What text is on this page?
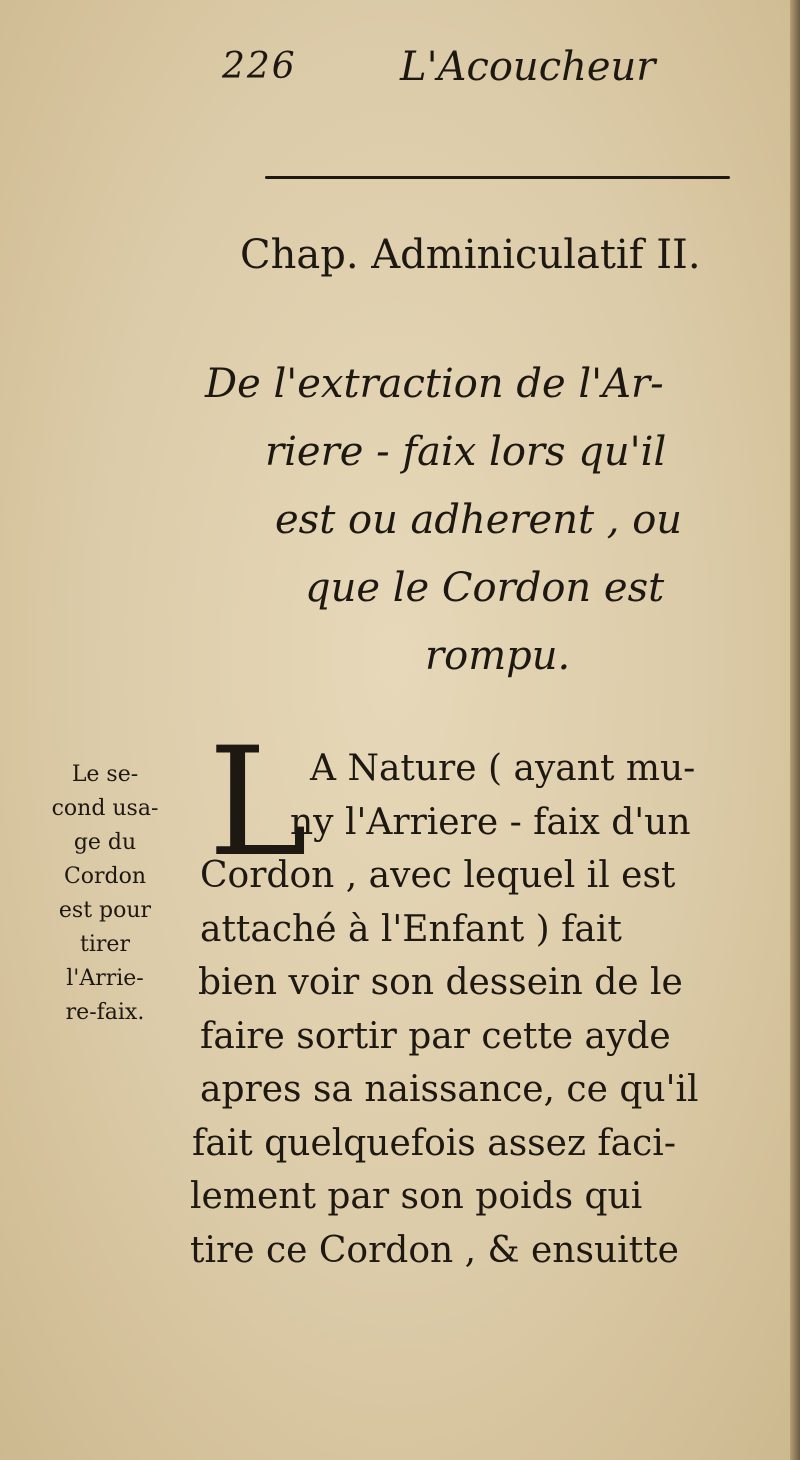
226	L'Acoucheur
Chap. Adminiculatif II.
De l'extraction de l'Ar-
riere - faix lors qu'il
est ou adherent , ou
que le Cordon est
rompu.
Le se-
cond usa-
ge du
Cordon
est pour
tirer
l'Arrie-
re-faix.
L A Nature ( ayant mu-
ny l'Arriere - faix d'un
Cordon , avec lequel il est
attaché à l'Enfant ) fait
bien voir son dessein de le
faire sortir par cette ayde
apres sa naissance, ce qu'il
fait quelquefois assez faci-
lement par son poids qui
tire ce Cordon , & ensuitte
